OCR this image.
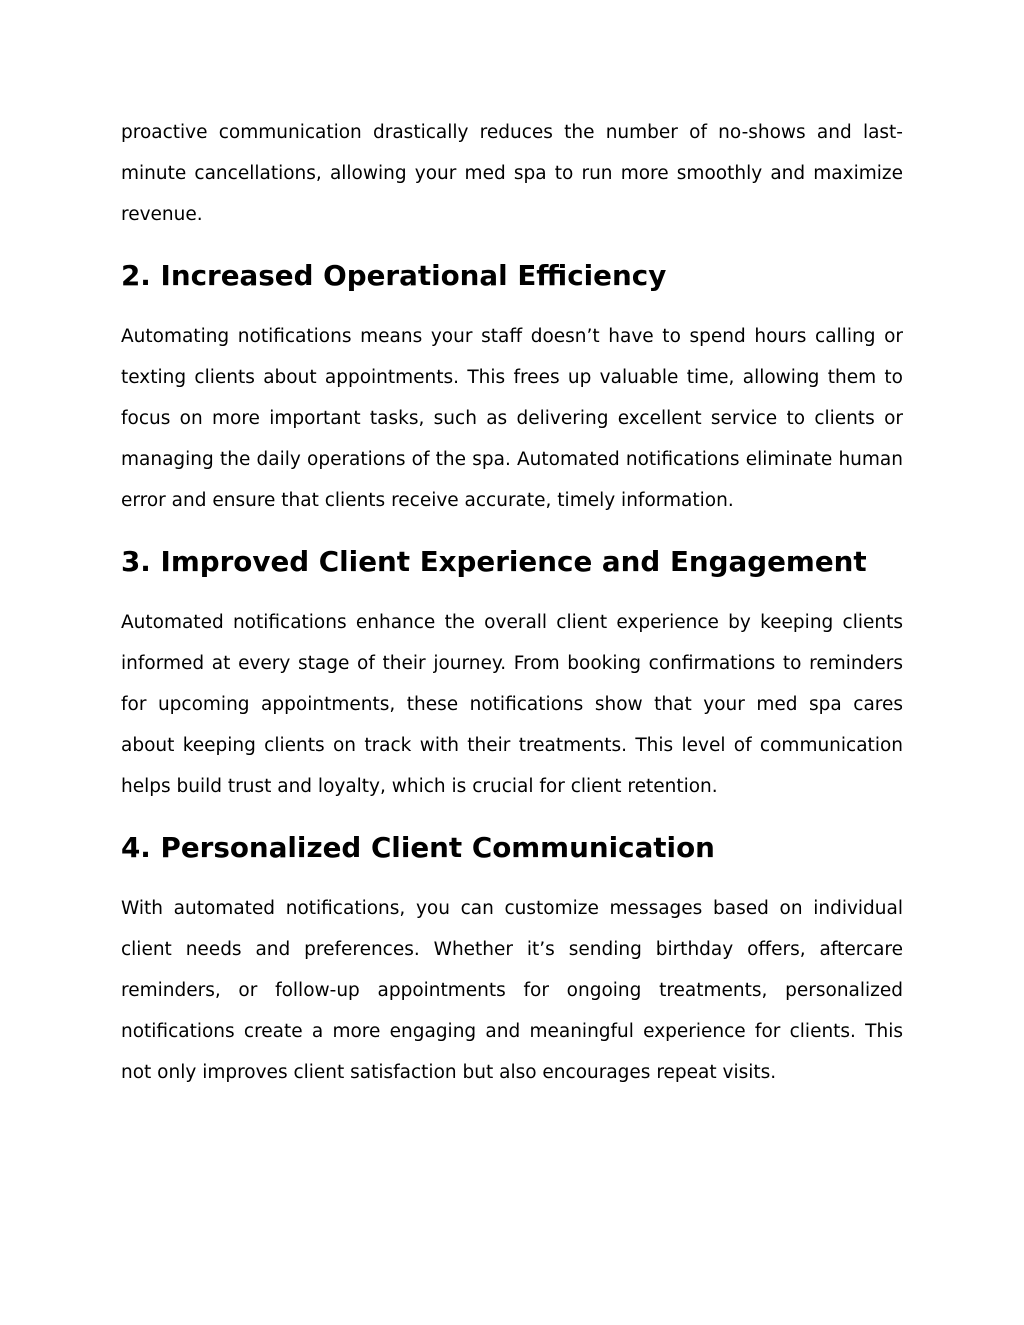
proactive communication drastically reduces the number of no-shows and last-minute cancellations, allowing your med spa to run more smoothly and maximize revenue.

2. Increased Operational Efficiency

Automating notifications means your staff doesn’t have to spend hours calling or texting clients about appointments. This frees up valuable time, allowing them to focus on more important tasks, such as delivering excellent service to clients or managing the daily operations of the spa. Automated notifications eliminate human error and ensure that clients receive accurate, timely information.

3. Improved Client Experience and Engagement

Automated notifications enhance the overall client experience by keeping clients informed at every stage of their journey. From booking confirmations to reminders for upcoming appointments, these notifications show that your med spa cares about keeping clients on track with their treatments. This level of communication helps build trust and loyalty, which is crucial for client retention.

4. Personalized Client Communication

With automated notifications, you can customize messages based on individual client needs and preferences. Whether it’s sending birthday offers, aftercare reminders, or follow-up appointments for ongoing treatments, personalized notifications create a more engaging and meaningful experience for clients. This not only improves client satisfaction but also encourages repeat visits.
